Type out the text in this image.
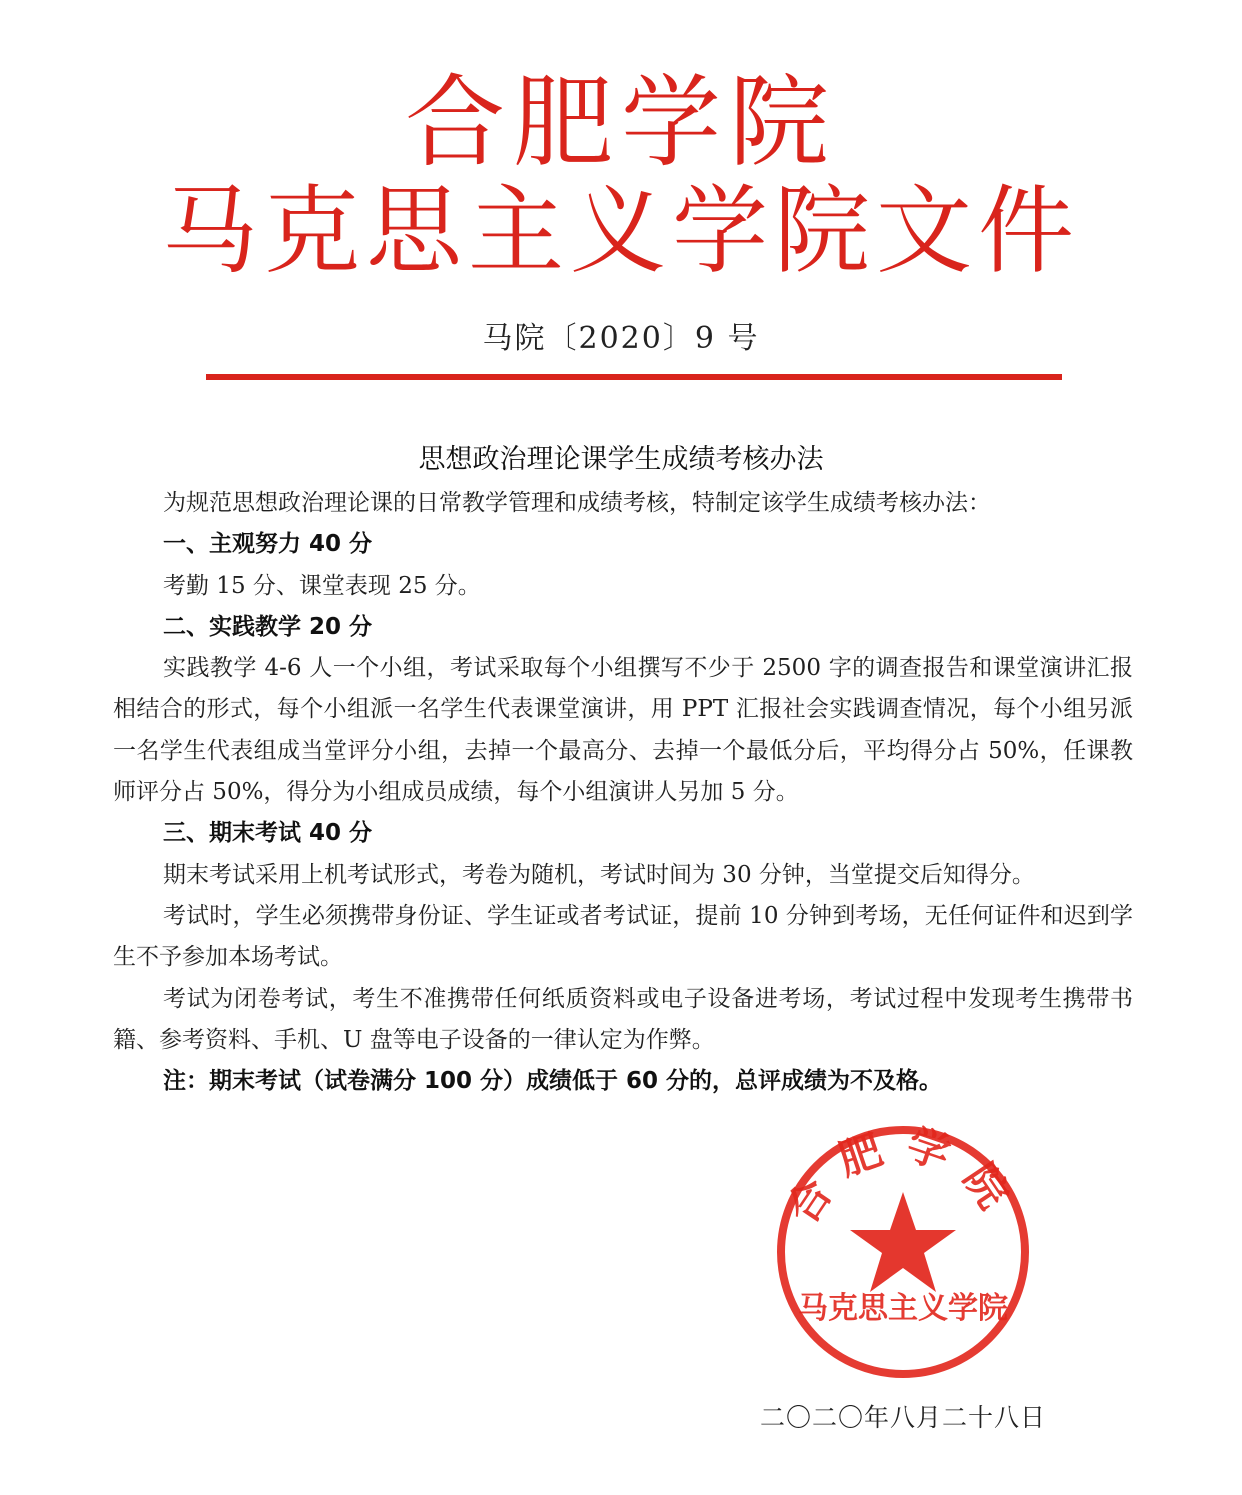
合肥学院
马克思主义学院文件
马院〔2020〕9 号
思想政治理论课学生成绩考核办法

为规范思想政治理论课的日常教学管理和成绩考核，特制定该学生成绩考核办法：

一、主观努力 40 分

考勤 15 分、课堂表现 25 分。

二、实践教学 20 分

实践教学 4-6 人一个小组，考试采取每个小组撰写不少于 2500 字的调查报告和课堂演讲汇报相结合的形式，每个小组派一名学生代表课堂演讲，用 PPT 汇报社会实践调查情况，每个小组另派一名学生代表组成当堂评分小组，去掉一个最高分、去掉一个最低分后，平均得分占 50%，任课教师评分占 50%，得分为小组成员成绩，每个小组演讲人另加 5 分。

三、期末考试 40 分

期末考试采用上机考试形式，考卷为随机，考试时间为 30 分钟，当堂提交后知得分。

考试时，学生必须携带身份证、学生证或者考试证，提前 10 分钟到考场，无任何证件和迟到学生不予参加本场考试。

考试为闭卷考试，考生不准携带任何纸质资料或电子设备进考场，考试过程中发现考生携带书籍、参考资料、手机、U 盘等电子设备的一律认定为作弊。

注：期末考试（试卷满分 100 分）成绩低于 60 分的，总评成绩为不及格。

合肥学院
马克思主义学院
二〇二〇年八月二十八日
